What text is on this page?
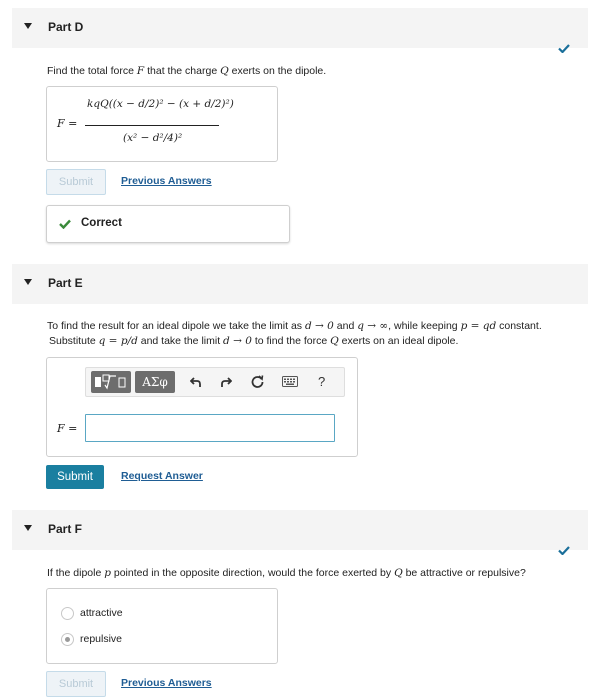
Part D
Find the total force F that the charge Q exerts on the dipole.
F =
kqQ((x − d/2)² − (x + d/2)²)
(x² − d²/4)²
Submit	Previous Answers
Correct
Part E
To find the result for an ideal dipole we take the limit as d → 0 and q → ∞, while keeping p = qd constant.
Substitute q = p/d and take the limit d → 0 to find the force Q exerts on an ideal dipole.
ΑΣφ	?
F =
Submit	Request Answer
Part F
If the dipole p pointed in the opposite direction, would the force exerted by Q be attractive or repulsive?
attractive
repulsive
Submit	Previous Answers
